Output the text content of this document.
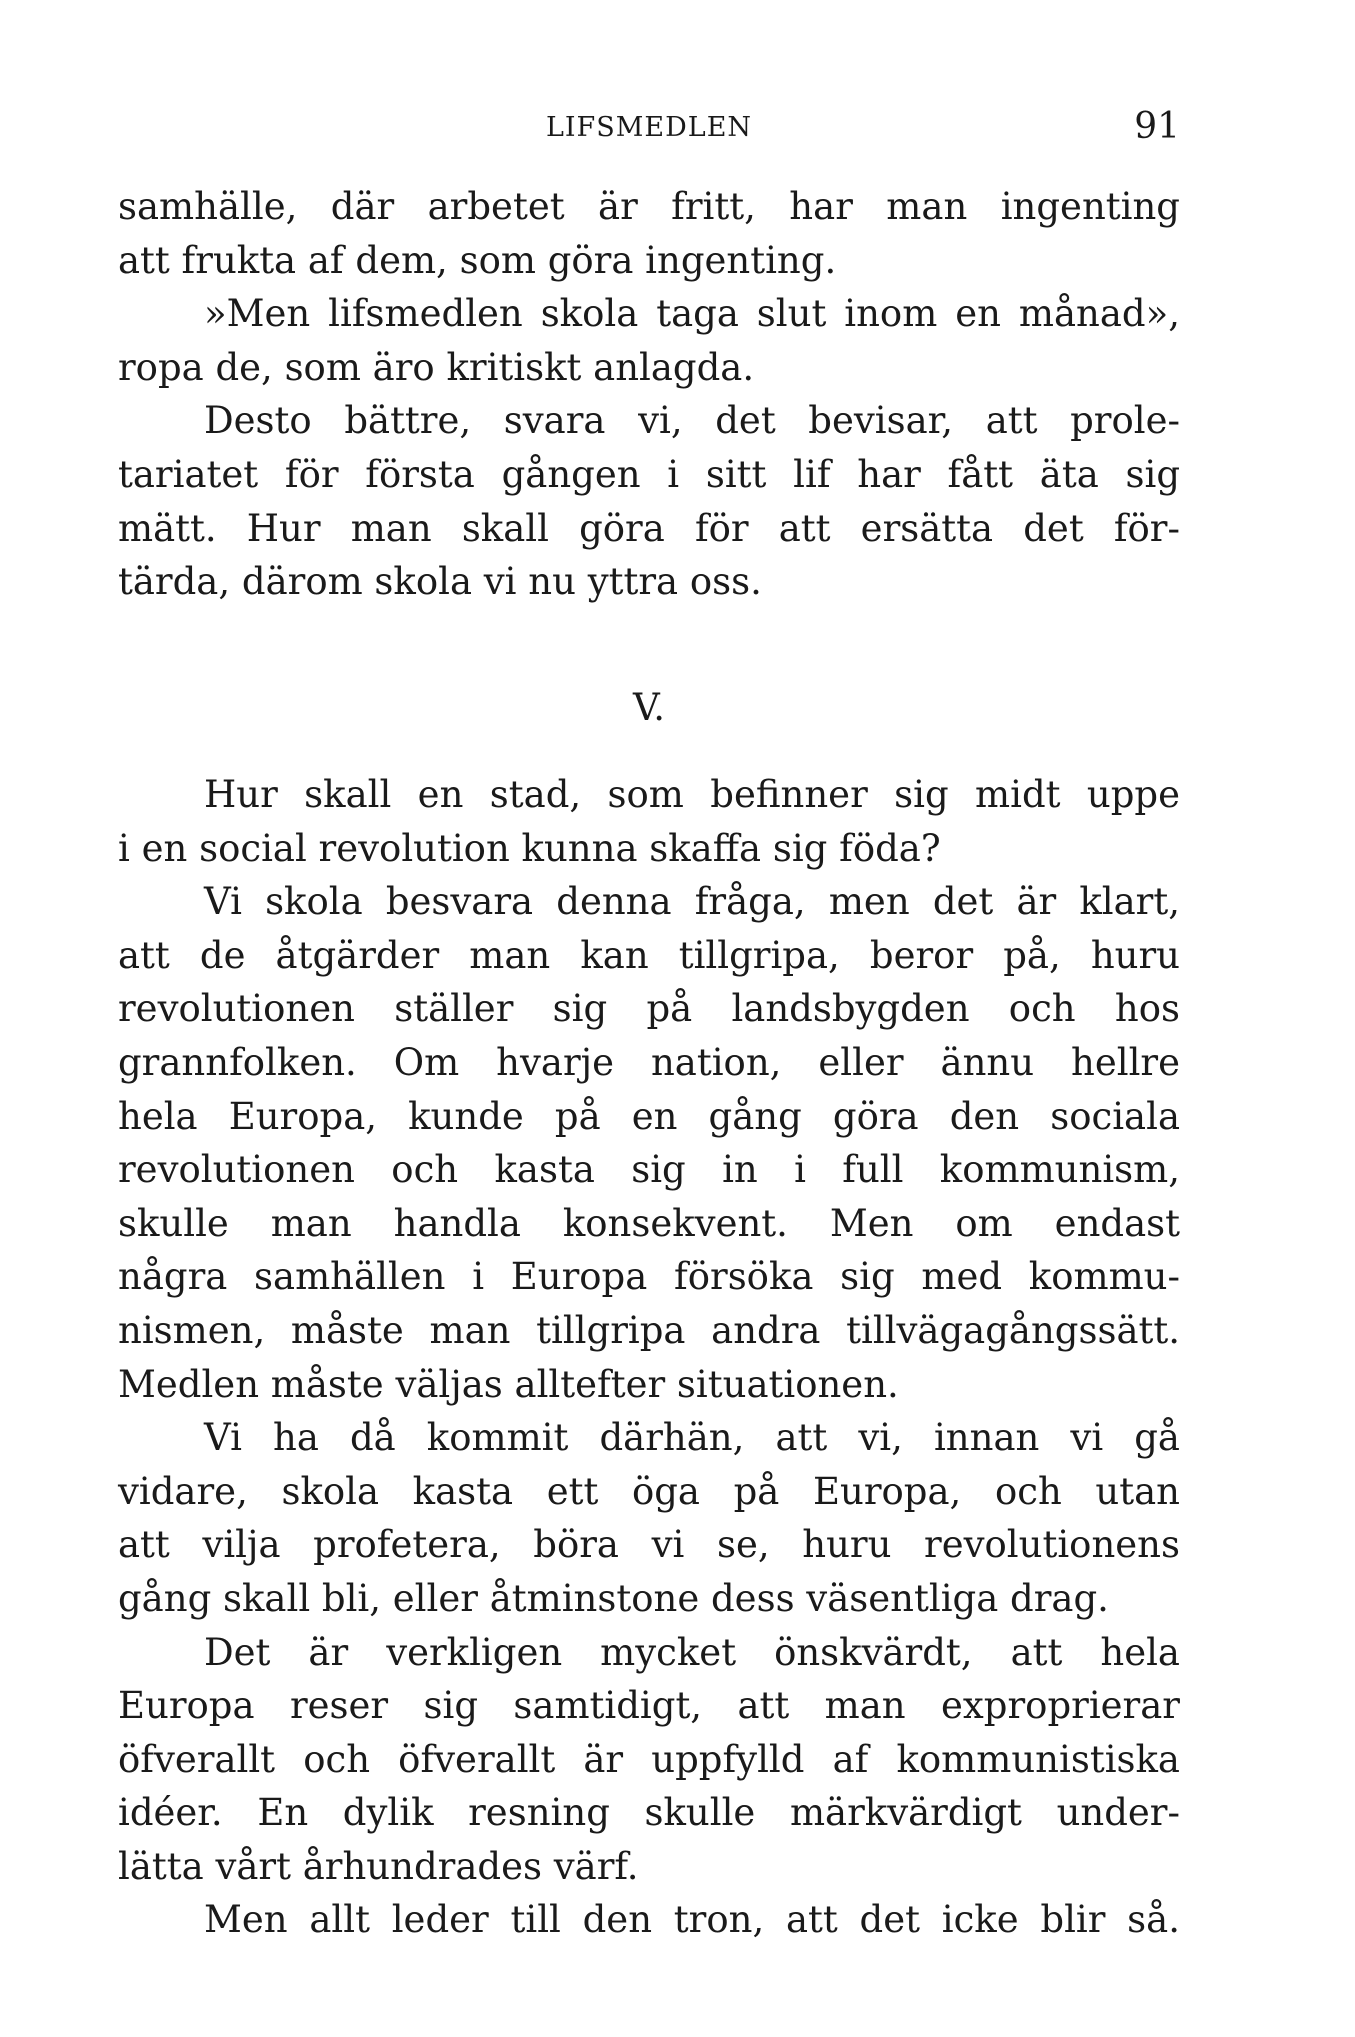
LIFSMEDLEN	91
samhälle, där arbetet är fritt, har man ingenting
att frukta af dem, som göra ingenting.
»Men lifsmedlen skola taga slut inom en månad»,
ropa de, som äro kritiskt anlagda.
Desto bättre, svara vi, det bevisar, att prole-
tariatet för första gången i sitt lif har fått äta sig
mätt. Hur man skall göra för att ersätta det för-
tärda, därom skola vi nu yttra oss.
V.
Hur skall en stad, som befinner sig midt uppe
i en social revolution kunna skaffa sig föda?
Vi skola besvara denna fråga, men det är klart,
att de åtgärder man kan tillgripa, beror på, huru
revolutionen ställer sig på landsbygden och hos
grannfolken. Om hvarje nation, eller ännu hellre
hela Europa, kunde på en gång göra den sociala
revolutionen och kasta sig in i full kommunism,
skulle man handla konsekvent. Men om endast
några samhällen i Europa försöka sig med kommu-
nismen, måste man tillgripa andra tillvägagångssätt.
Medlen måste väljas alltefter situationen.
Vi ha då kommit därhän, att vi, innan vi gå
vidare, skola kasta ett öga på Europa, och utan
att vilja profetera, böra vi se, huru revolutionens
gång skall bli, eller åtminstone dess väsentliga drag.
Det är verkligen mycket önskvärdt, att hela
Europa reser sig samtidigt, att man exproprierar
öfverallt och öfverallt är uppfylld af kommunistiska
idéer. En dylik resning skulle märkvärdigt under-
lätta vårt århundrades värf.
Men allt leder till den tron, att det icke blir så.
